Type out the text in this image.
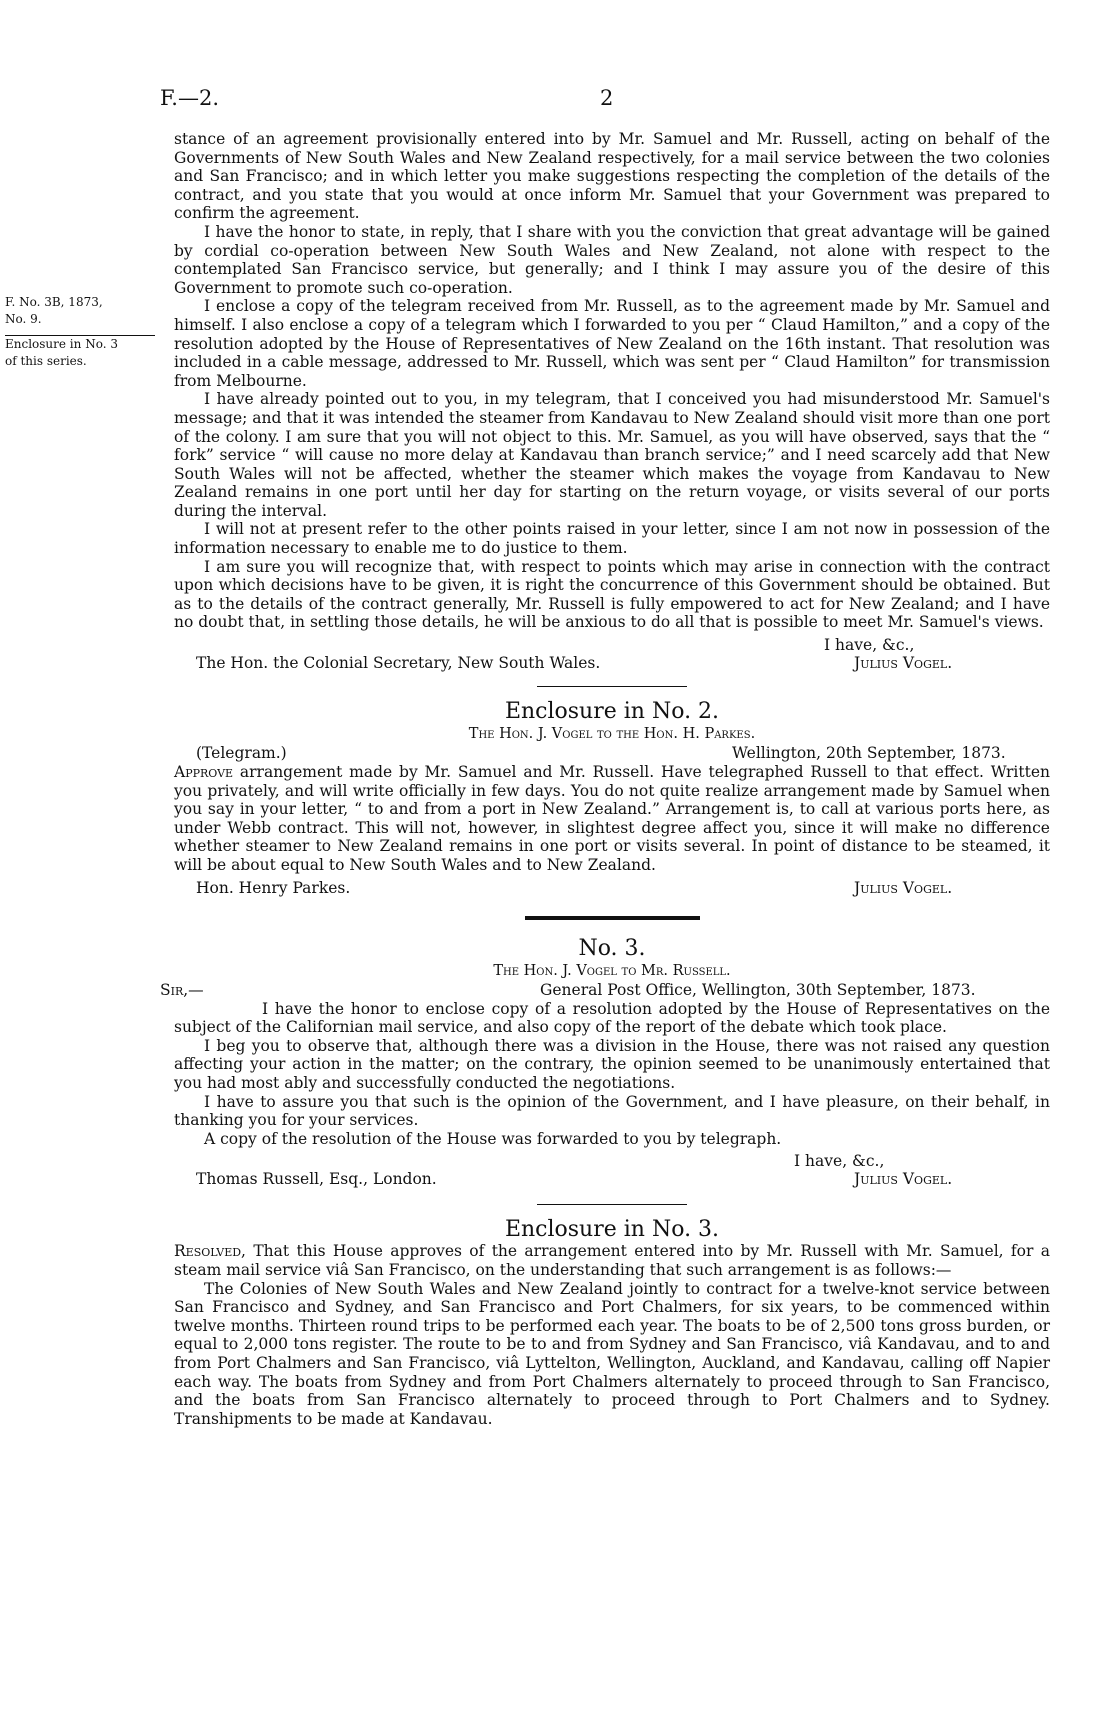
F.—2.	2
F. No. 3B, 1873,
No. 9.
Enclosure in No. 3
of this series.

stance of an agreement provisionally entered into by Mr. Samuel and Mr. Russell, acting on behalf of the Governments of New South Wales and New Zealand respectively, for a mail service between the two colonies and San Francisco; and in which letter you make suggestions respecting the completion of the details of the contract, and you state that you would at once inform Mr. Samuel that your Government was prepared to confirm the agreement.

I have the honor to state, in reply, that I share with you the conviction that great advantage will be gained by cordial co-operation between New South Wales and New Zealand, not alone with respect to the contemplated San Francisco service, but generally; and I think I may assure you of the desire of this Government to promote such co-operation.

I enclose a copy of the telegram received from Mr. Russell, as to the agreement made by Mr. Samuel and himself. I also enclose a copy of a telegram which I forwarded to you per “ Claud Hamilton,” and a copy of the resolution adopted by the House of Representatives of New Zealand on the 16th instant. That resolution was included in a cable message, addressed to Mr. Russell, which was sent per “ Claud Hamilton” for transmission from Melbourne.

I have already pointed out to you, in my telegram, that I conceived you had misunderstood Mr. Samuel's message; and that it was intended the steamer from Kandavau to New Zealand should visit more than one port of the colony. I am sure that you will not object to this. Mr. Samuel, as you will have observed, says that the “ fork” service “ will cause no more delay at Kandavau than branch service;” and I need scarcely add that New South Wales will not be affected, whether the steamer which makes the voyage from Kandavau to New Zealand remains in one port until her day for starting on the return voyage, or visits several of our ports during the interval.

I will not at present refer to the other points raised in your letter, since I am not now in possession of the information necessary to enable me to do justice to them.

I am sure you will recognize that, with respect to points which may arise in connection with the contract upon which decisions have to be given, it is right the concurrence of this Government should be obtained. But as to the details of the contract generally, Mr. Russell is fully empowered to act for New Zealand; and I have no doubt that, in settling those details, he will be anxious to do all that is possible to meet Mr. Samuel's views.

I have, &c.,
The Hon. the Colonial Secretary, New South Wales.	Julius Vogel.
Enclosure in No. 2.
The Hon. J. Vogel to the Hon. H. Parkes.
(Telegram.)	Wellington, 20th September, 1873.

Approve arrangement made by Mr. Samuel and Mr. Russell. Have telegraphed Russell to that effect. Written you privately, and will write officially in few days. You do not quite realize arrangement made by Samuel when you say in your letter, “ to and from a port in New Zealand.” Arrangement is, to call at various ports here, as under Webb contract. This will not, however, in slightest degree affect you, since it will make no difference whether steamer to New Zealand remains in one port or visits several. In point of distance to be steamed, it will be about equal to New South Wales and to New Zealand.

Hon. Henry Parkes.	Julius Vogel.
No. 3.
The Hon. J. Vogel to Mr. Russell.
Sir,—	General Post Office, Wellington, 30th September, 1873.

I have the honor to enclose copy of a resolution adopted by the House of Representatives on the subject of the Californian mail service, and also copy of the report of the debate which took place.

I beg you to observe that, although there was a division in the House, there was not raised any question affecting your action in the matter; on the contrary, the opinion seemed to be unanimously entertained that you had most ably and successfully conducted the negotiations.

I have to assure you that such is the opinion of the Government, and I have pleasure, on their behalf, in thanking you for your services.

A copy of the resolution of the House was forwarded to you by telegraph.

I have, &c.,
Thomas Russell, Esq., London.	Julius Vogel.
Enclosure in No. 3.

Resolved, That this House approves of the arrangement entered into by Mr. Russell with Mr. Samuel, for a steam mail service viâ San Francisco, on the understanding that such arrangement is as follows:—

The Colonies of New South Wales and New Zealand jointly to contract for a twelve-knot service between San Francisco and Sydney, and San Francisco and Port Chalmers, for six years, to be commenced within twelve months. Thirteen round trips to be performed each year. The boats to be of 2,500 tons gross burden, or equal to 2,000 tons register. The route to be to and from Sydney and San Francisco, viâ Kandavau, and to and from Port Chalmers and San Francisco, viâ Lyttelton, Wellington, Auckland, and Kandavau, calling off Napier each way. The boats from Sydney and from Port Chalmers alternately to proceed through to San Francisco, and the boats from San Francisco alternately to proceed through to Port Chalmers and to Sydney. Transhipments to be made at Kandavau.
